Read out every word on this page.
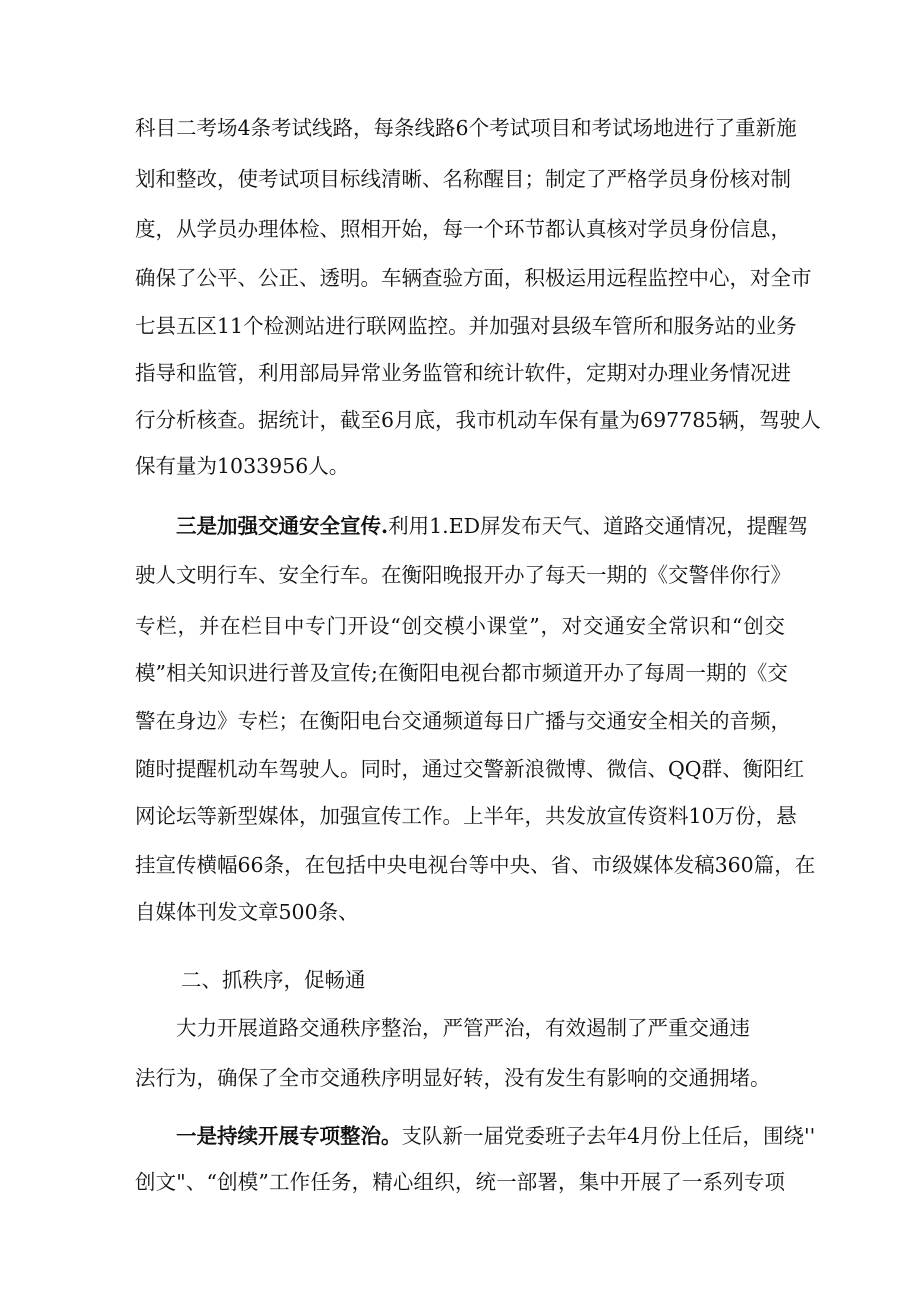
科目二考场4条考试线路，每条线路6个考试项目和考试场地进行了重新施
划和整改，使考试项目标线清晰、名称醒目；制定了严格学员身份核对制
度，从学员办理体检、照相开始，每一个环节都认真核对学员身份信息，
确保了公平、公正、透明。车辆查验方面，积极运用远程监控中心，对全市
七县五区11个检测站进行联网监控。并加强对县级车管所和服务站的业务
指导和监管，利用部局异常业务监管和统计软件，定期对办理业务情况进
行分析核查。据统计，截至6月底，我市机动车保有量为697785辆，驾驶人
保有量为1033956人。
三是加强交通安全宣传.利用1.ED屏发布天气、道路交通情况，提醒驾
驶人文明行车、安全行车。在衡阳晚报开办了每天一期的《交警伴你行》
专栏，并在栏目中专门开设“创交模小课堂”，对交通安全常识和“创交
模”相关知识进行普及宣传;在衡阳电视台都市频道开办了每周一期的《交
警在身边》专栏；在衡阳电台交通频道每日广播与交通安全相关的音频，
随时提醒机动车驾驶人。同时，通过交警新浪微博、微信、QQ群、衡阳红
网论坛等新型媒体，加强宣传工作。上半年，共发放宣传资料10万份，悬
挂宣传横幅66条，在包括中央电视台等中央、省、市级媒体发稿360篇，在
自媒体刊发文章500条、
二、抓秩序，促畅通
大力开展道路交通秩序整治，严管严治，有效遏制了严重交通违
法行为，确保了全市交通秩序明显好转，没有发生有影响的交通拥堵。
一是持续开展专项整治。支队新一届党委班子去年4月份上任后，围绕''
创文"、“创模”工作任务，精心组织，统一部署，集中开展了一系列专项
